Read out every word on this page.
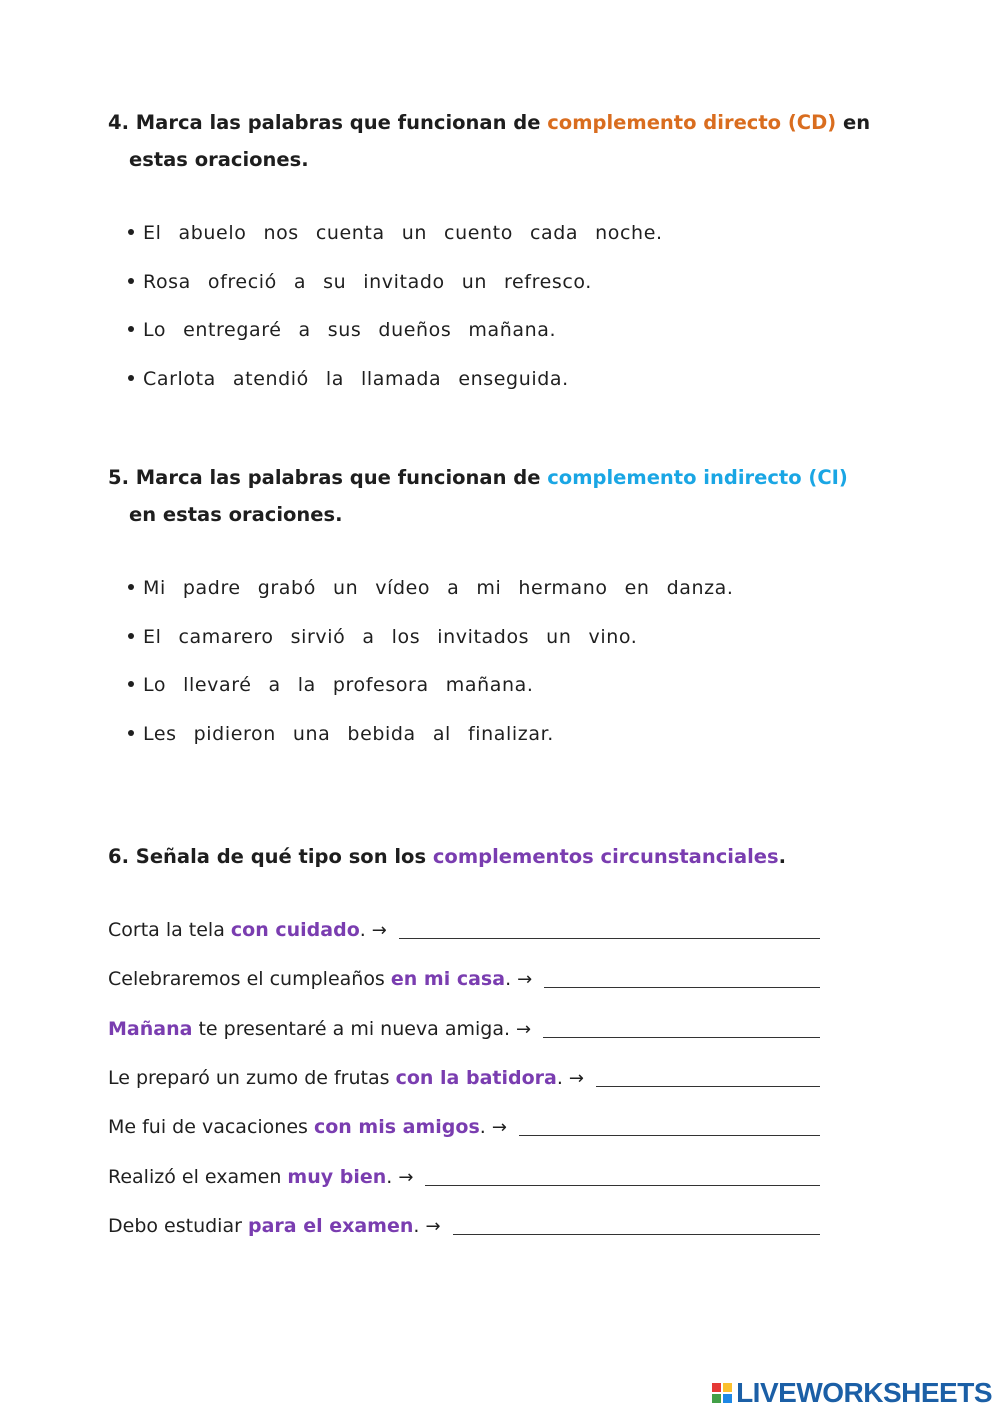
4. Marca las palabras que funcionan de complemento directo (CD) en
estas oraciones.
El abuelo nos cuenta un cuento cada noche.
Rosa ofreció a su invitado un refresco.
Lo entregaré a sus dueños mañana.
Carlota atendió la llamada enseguida.
5. Marca las palabras que funcionan de complemento indirecto (CI)
en estas oraciones.
Mi padre grabó un vídeo a mi hermano en danza.
El camarero sirvió a los invitados un vino.
Lo llevaré a la profesora mañana.
Les pidieron una bebida al finalizar.
6. Señala de qué tipo son los complementos circunstanciales.
Corta la tela con cuidado. →
Celebraremos el cumpleaños en mi casa. →
Mañana te presentaré a mi nueva amiga. →
Le preparó un zumo de frutas con la batidora. →
Me fui de vacaciones con mis amigos. →
Realizó el examen muy bien. →
Debo estudiar para el examen. →
LIVEWORKSHEETS
